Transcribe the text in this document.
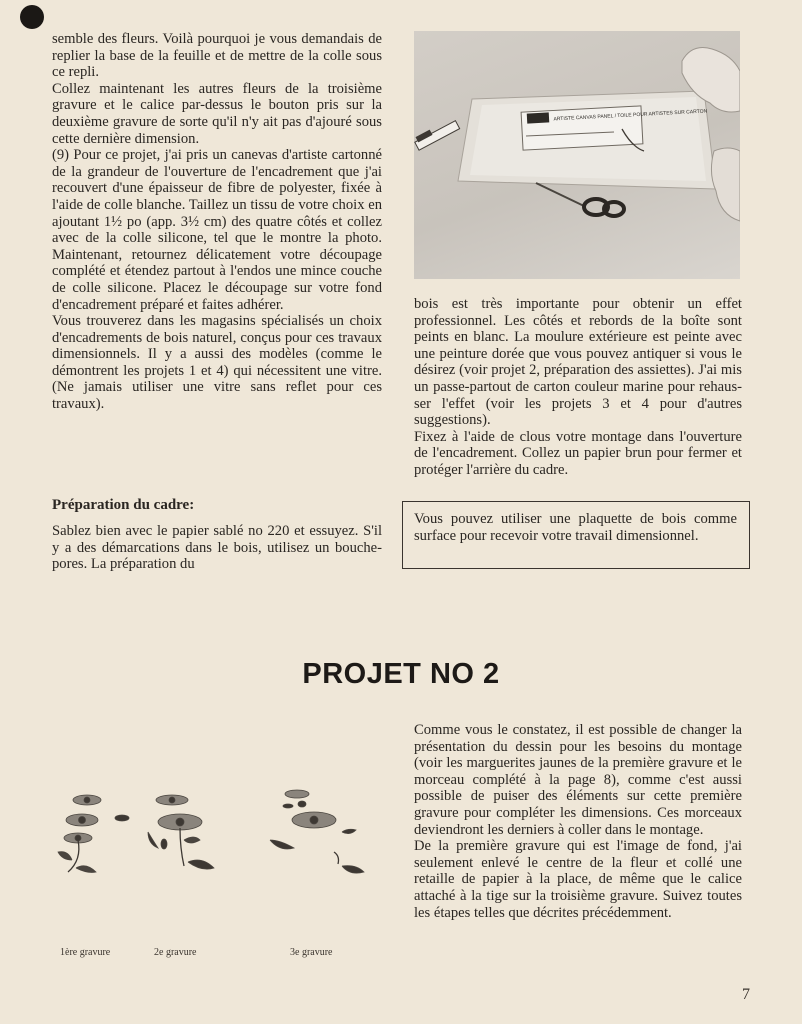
semble des fleurs. Voilà pourquoi je vous demandais de replier la base de la feuille et de mettre de la colle sous ce repli.

Collez maintenant les autres fleurs de la troisième gravure et le calice par-dessus le bouton pris sur la deuxième gravure de sorte qu'il n'y ait pas d'ajouré sous cette dernière dimension.

(9) Pour ce projet, j'ai pris un canevas d'artiste cartonné de la grandeur de l'ouverture de l'encadrement que j'ai recouvert d'une épaisseur de fibre de polyester, fixée à l'aide de colle blanche. Taillez un tissu de votre choix en ajoutant 1½ po (app. 3½ cm) des quatre côtés et collez avec de la colle silicone, tel que le montre la photo. Maintenant, retournez délicatement votre découpage complété et étendez partout à l'endos une mince couche de colle silicone. Placez le découpage sur votre fond d'encadrement préparé et faites adhérer.

Vous trouverez dans les magasins spécialisés un choix d'encadrements de bois naturel, conçus pour ces travaux dimensionnels. Il y a aussi des modèles (comme le démontrent les projets 1 et 4) qui nécessitent une vitre. (Ne jamais utiliser une vitre sans reflet pour ces travaux).

Préparation du cadre:

Sablez bien avec le papier sablé no 220 et essuyez. S'il y a des démarcations dans le bois, utilisez un bouche-pores. La préparation du

ARTISTE CANVAS PANEL / TOILE POUR ARTISTES SUR CARTON

bois est très importante pour obtenir un effet professionnel. Les côtés et rebords de la boîte sont peints en blanc. La moulure extérieure est peinte avec une peinture dorée que vous pouvez antiquer si vous le désirez (voir projet 2, préparation des assiettes). J'ai mis un passe-partout de carton couleur marine pour rehausser l'effet (voir les projets 3 et 4 pour d'autres suggestions).

Fixez à l'aide de clous votre montage dans l'ouverture de l'encadrement. Collez un papier brun pour fermer et protéger l'arrière du cadre.

Vous pouvez utiliser une plaquette de bois comme surface pour recevoir votre travail dimensionnel.

PROJET NO 2
1ère gravure	2e gravure	3e gravure

Comme vous le constatez, il est possible de changer la présentation du dessin pour les besoins du montage (voir les marguerites jaunes de la première gravure et le morceau complété à la page 8), comme c'est aussi possible de puiser des éléments sur cette première gravure pour compléter les dimensions. Ces morceaux deviendront les derniers à coller dans le montage.

De la première gravure qui est l'image de fond, j'ai seulement enlevé le centre de la fleur et collé une retaille de papier à la place, de même que le calice attaché à la tige sur la troisième gravure. Suivez toutes les étapes telles que décrites précédemment.

7
